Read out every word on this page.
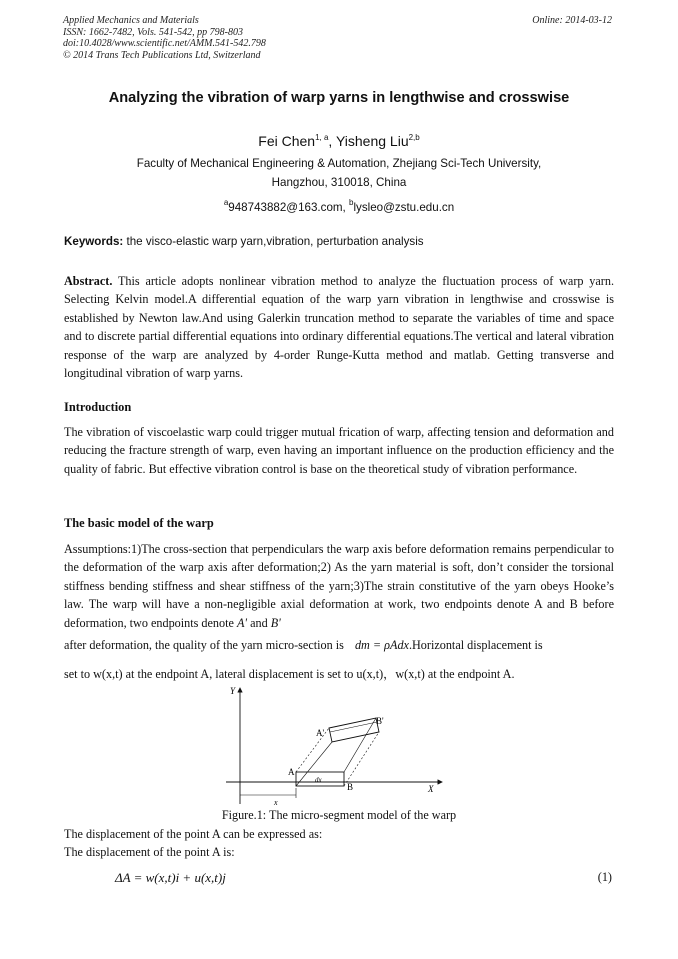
Applied Mechanics and Materials
ISSN: 1662-7482, Vols. 541-542, pp 798-803
doi:10.4028/www.scientific.net/AMM.541-542.798
© 2014 Trans Tech Publications Ltd, Switzerland
Online: 2014-03-12
Analyzing the vibration of warp yarns in lengthwise and crosswise
Fei Chen$^{1, a}$, Yisheng Liu$^{2,b}$
Faculty of Mechanical Engineering & Automation, Zhejiang Sci-Tech University,
Hangzhou, 310018, China
$^a$948743882@163.com, $^b$lysleo@zstu.edu.cn
Keywords: the visco-elastic warp yarn,vibration, perturbation analysis
Abstract. This article adopts nonlinear vibration method to analyze the fluctuation process of warp yarn. Selecting Kelvin model.A differential equation of the warp yarn vibration in lengthwise and crosswise is established by Newton law.And using Galerkin truncation method to separate the variables of time and space and to discrete partial differential equations into ordinary differential equations.The vertical and lateral vibration response of the warp are analyzed by 4-order Runge-Kutta method and matlab. Getting transverse and longitudinal vibration of warp yarns.
Introduction
The vibration of viscoelastic warp could trigger mutual frication of warp, affecting tension and deformation and reducing the fracture strength of warp, even having an important influence on the production efficiency and the quality of fabric. But effective vibration control is base on the theoretical study of vibration performance.
The basic model of the warp
Assumptions:1)The cross-section that perpendiculars the warp axis before deformation remains perpendicular to the deformation of the warp axis after deformation;2) As the yarn material is soft, don’t consider the torsional stiffness bending stiffness and shear stiffness of the yarn;3)The strain constitutive of the yarn obeys Hooke’s law. The warp will have a non-negligible axial deformation at work, two endpoints denote A and B before deformation, two endpoints denote A' and B'
after deformation, the quality of the yarn micro-section is dm = ρAdx.Horizontal displacement is
set to w(x,t) at the endpoint A, lateral displacement is set to u(x,t)，w(x,t) at the endpoint A.
Y
X
dx
A
B
A'
B'
x
Figure.1: The micro-segment model of the warp
The displacement of the point A can be expressed as:
The displacement of the point A is:
ΔA = w(x,t)i + u(x,t)j	(1)
